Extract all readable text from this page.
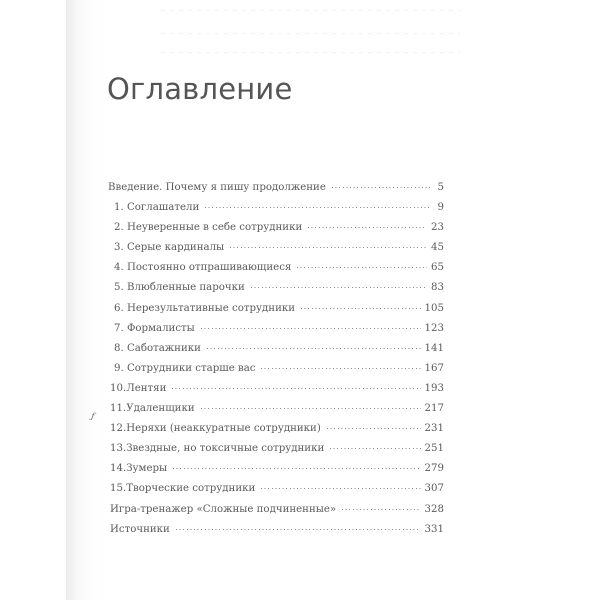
Оглавление
Введение. Почему я пишу продолжение	5
1. Соглашатели	9
2. Неуверенные в себе сотрудники	23
3. Серые кардиналы	45
4. Постоянно отпрашивающиеся	65
5. Влюбленные парочки	83
6. Нерезультативные сотрудники	105
7. Формалисты	123
8. Саботажники	141
9. Сотрудники старше вас	167
10.Лентяи	193
11.Удаленщики	217
12.Неряхи (неаккуратные сотрудники)	231
13.Звездные, но токсичные сотрудники	251
14.Зумеры	279
15.Творческие сотрудники	307
Игра-тренажер «Сложные подчиненные»	328
Источники	331
ƒ
